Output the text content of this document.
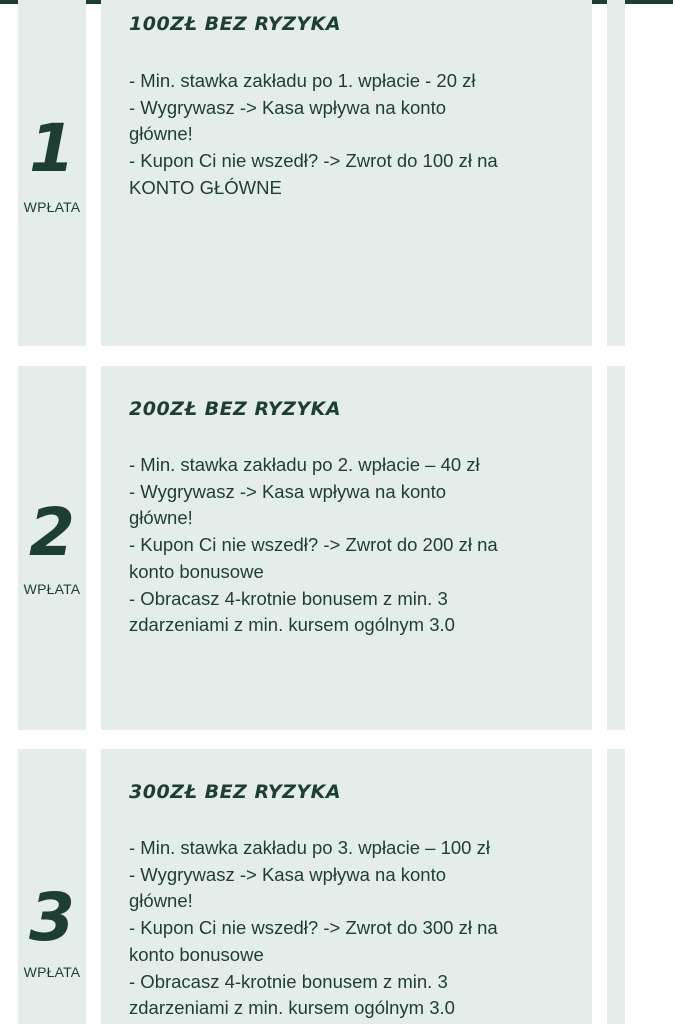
1
WPŁATA
100ZŁ BEZ RYZYKA
- Min. stawka zakładu po 1. wpłacie - 20 zł
- Wygrywasz -> Kasa wpływa na konto
główne!
- Kupon Ci nie wszedł? -> Zwrot do 100 zł na
KONTO GŁÓWNE
2
WPŁATA
200ZŁ BEZ RYZYKA
- Min. stawka zakładu po 2. wpłacie – 40 zł
- Wygrywasz -> Kasa wpływa na konto
główne!
- Kupon Ci nie wszedł? -> Zwrot do 200 zł na
konto bonusowe
- Obracasz 4-krotnie bonusem z min. 3
zdarzeniami z min. kursem ogólnym 3.0
3
WPŁATA
300ZŁ BEZ RYZYKA
- Min. stawka zakładu po 3. wpłacie – 100 zł
- Wygrywasz -> Kasa wpływa na konto
główne!
- Kupon Ci nie wszedł? -> Zwrot do 300 zł na
konto bonusowe
- Obracasz 4-krotnie bonusem z min. 3
zdarzeniami z min. kursem ogólnym 3.0
